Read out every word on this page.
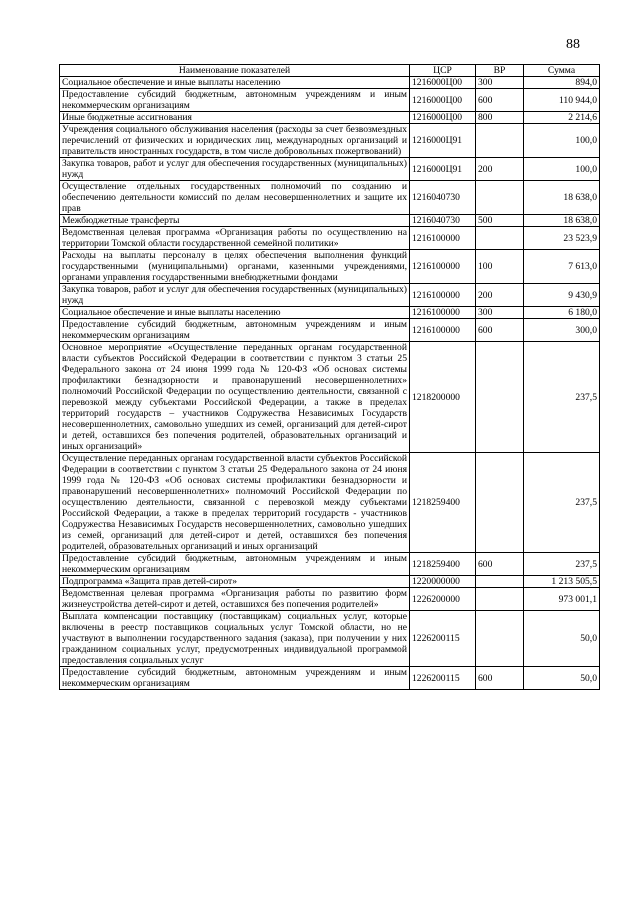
88
Наименование показателей	ЦСР	ВР	Сумма
Социальное обеспечение и иные выплаты населению	1216000Ц00	300	894,0
Предоставление субсидий бюджетным, автономным учреждениям и иным некоммерческим организациям	1216000Ц00	600	110 944,0
Иные бюджетные ассигнования	1216000Ц00	800	2 214,6
Учреждения социального обслуживания населения (расходы за счет безвозмездных перечислений от физических и юридических лиц, международных организаций и правительств иностранных государств, в том числе добровольных пожертвований)	1216000Ц91		100,0
Закупка товаров, работ и услуг для обеспечения государственных (муниципальных) нужд	1216000Ц91	200	100,0
Осуществление отдельных государственных полномочий по созданию и обеспечению деятельности комиссий по делам несовершеннолетних и защите их прав	1216040730		18 638,0
Межбюджетные трансферты	1216040730	500	18 638,0
Ведомственная целевая программа «Организация работы по осуществлению на территории Томской области государственной семейной политики»	1216100000		23 523,9
Расходы на выплаты персоналу в целях обеспечения выполнения функций государственными (муниципальными) органами, казенными учреждениями, органами управления государственными внебюджетными фондами	1216100000	100	7 613,0
Закупка товаров, работ и услуг для обеспечения государственных (муниципальных) нужд	1216100000	200	9 430,9
Социальное обеспечение и иные выплаты населению	1216100000	300	6 180,0
Предоставление субсидий бюджетным, автономным учреждениям и иным некоммерческим организациям	1216100000	600	300,0
Основное мероприятие «Осуществление переданных органам государственной власти субъектов Российской Федерации в соответствии с пунктом 3 статьи 25 Федерального закона от 24 июня 1999 года № 120-ФЗ «Об основах системы профилактики безнадзорности и правонарушений несовершеннолетних» полномочий Российской Федерации по осуществлению деятельности, связанной с перевозкой между субъектами Российской Федерации, а также в пределах территорий государств – участников Содружества Независимых Государств несовершеннолетних, самовольно ушедших из семей, организаций для детей-сирот и детей, оставшихся без попечения родителей, образовательных организаций и иных организаций»	1218200000		237,5
Осуществление переданных органам государственной власти субъектов Российской Федерации в соответствии с пунктом 3 статьи 25 Федерального закона от 24 июня 1999 года № 120-ФЗ «Об основах системы профилактики безнадзорности и правонарушений несовершеннолетних» полномочий Российской Федерации по осуществлению деятельности, связанной с перевозкой между субъектами Российской Федерации, а также в пределах территорий государств - участников Содружества Независимых Государств несовершеннолетних, самовольно ушедших из семей, организаций для детей-сирот и детей, оставшихся без попечения родителей, образовательных организаций и иных организаций	1218259400		237,5
Предоставление субсидий бюджетным, автономным учреждениям и иным некоммерческим организациям	1218259400	600	237,5
Подпрограмма «Защита прав детей-сирот»	1220000000		1 213 505,5
Ведомственная целевая программа «Организация работы по развитию форм жизнеустройства детей-сирот и детей, оставшихся без попечения родителей»	1226200000		973 001,1
Выплата компенсации поставщику (поставщикам) социальных услуг, которые включены в реестр поставщиков социальных услуг Томской области, но не участвуют в выполнении государственного задания (заказа), при получении у них гражданином социальных услуг, предусмотренных индивидуальной программой предоставления социальных услуг	1226200115		50,0
Предоставление субсидий бюджетным, автономным учреждениям и иным некоммерческим организациям	1226200115	600	50,0
